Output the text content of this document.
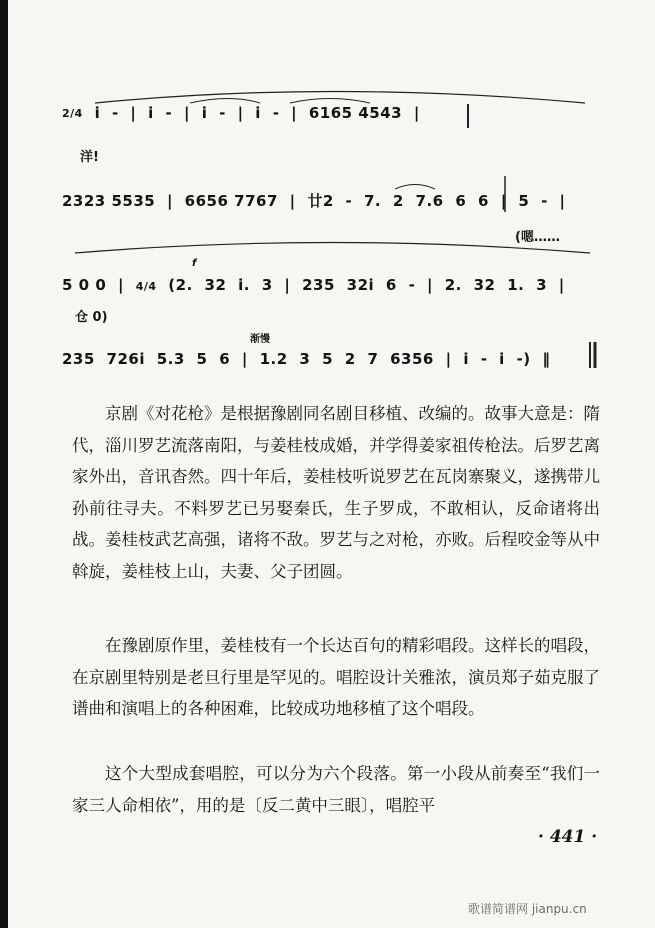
2/4 i - | i - | i - | i - | 6165 4543 |
洋!
2323 5535 | 6656 7767 | 廿2 - 7. 2 7.6 6 6 | 5 - |
(嗯……
5 0 0 | 4/4 (2. 32 i. 3 | 235 32i 6 - | 2. 32 1. 3 |
f
仓 0)
渐慢
235 726i 5.3 5 6 | 1.2 3 5 2 7 6356 | i - i -) ‖

京剧《对花枪》是根据豫剧同名剧目移植、改编的。故事大意是：隋代，淄川罗艺流落南阳，与姜桂枝成婚，并学得姜家祖传枪法。后罗艺离家外出，音讯杳然。四十年后，姜桂枝听说罗艺在瓦岗寨聚义，遂携带儿孙前往寻夫。不料罗艺已另娶秦氏，生子罗成，不敢相认，反命诸将出战。姜桂枝武艺高强，诸将不敌。罗艺与之对枪，亦败。后程咬金等从中斡旋，姜桂枝上山，夫妻、父子团圆。

在豫剧原作里，姜桂枝有一个长达百句的精彩唱段。这样长的唱段，在京剧里特别是老旦行里是罕见的。唱腔设计关雅浓，演员郑子茹克服了谱曲和演唱上的各种困难，比较成功地移植了这个唱段。

这个大型成套唱腔，可以分为六个段落。第一小段从前奏至“我们一家三人命相依”，用的是〔反二黄中三眼〕，唱腔平

· 441 ·
歌谱简谱网 jianpu.cn
